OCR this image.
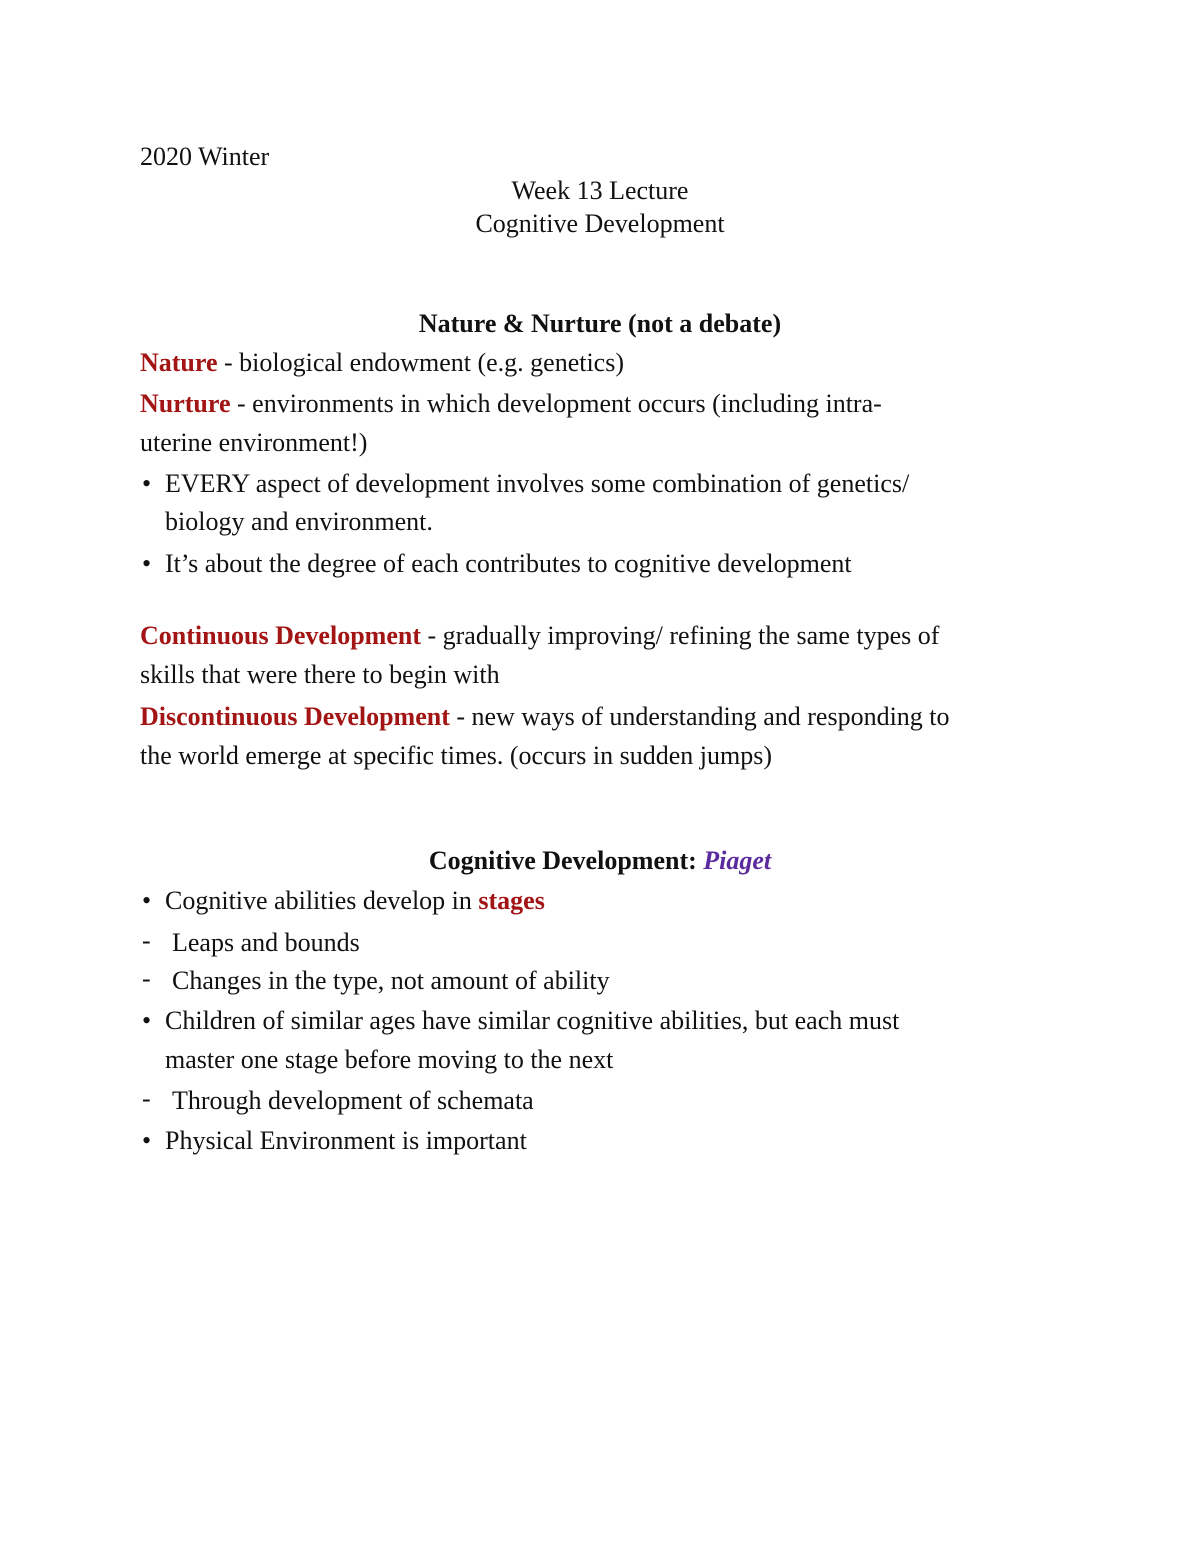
2020 Winter
Week 13 Lecture
Cognitive Development
Nature & Nurture (not a debate)
Nature - biological endowment (e.g. genetics)
Nurture - environments in which development occurs (including intra-
uterine environment!)
• EVERY aspect of development involves some combination of genetics/
biology and environment.
• It’s about the degree of each contributes to cognitive development
Continuous Development - gradually improving/ refining the same types of
skills that were there to begin with
Discontinuous Development - new ways of understanding and responding to
the world emerge at specific times. (occurs in sudden jumps)
Cognitive Development: Piaget
• Cognitive abilities develop in stages
- Leaps and bounds
- Changes in the type, not amount of ability
• Children of similar ages have similar cognitive abilities, but each must
master one stage before moving to the next
- Through development of schemata
• Physical Environment is important
